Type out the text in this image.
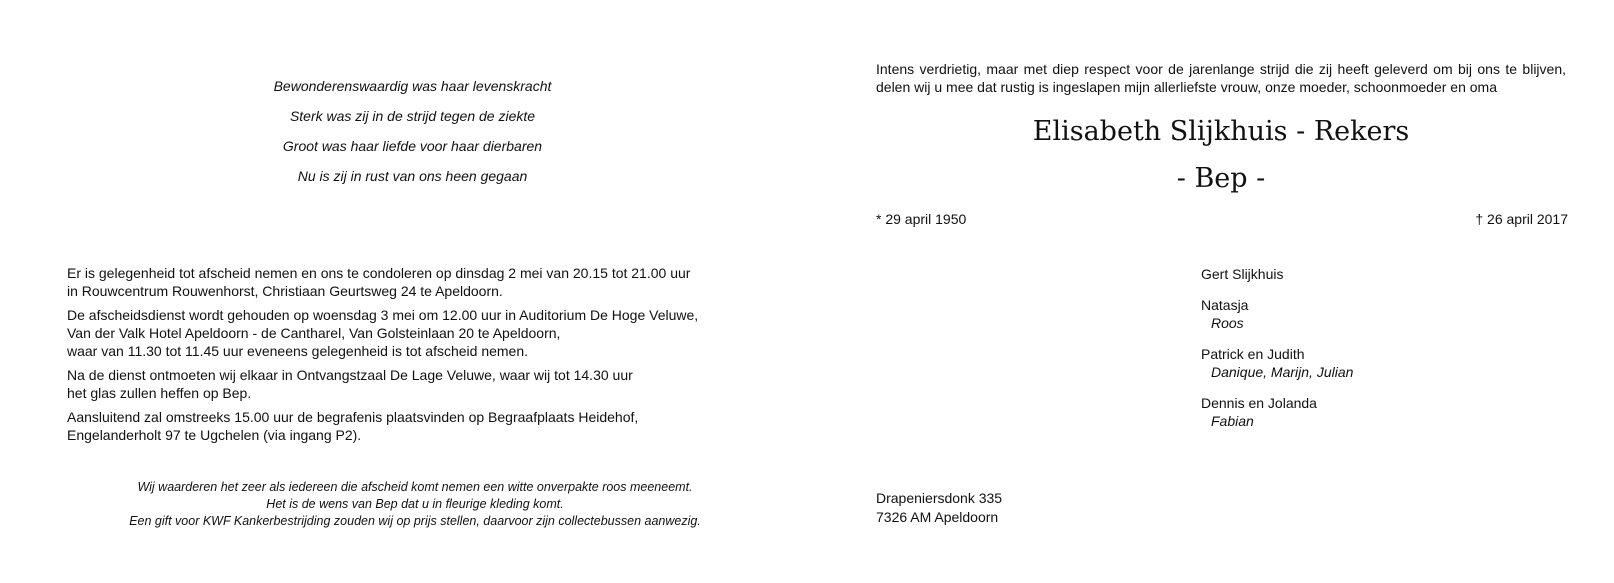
Bewonderenswaardig was haar levenskracht
Sterk was zij in de strijd tegen de ziekte
Groot was haar liefde voor haar dierbaren
Nu is zij in rust van ons heen gegaan
Er is gelegenheid tot afscheid nemen en ons te condoleren op dinsdag 2 mei van 20.15 tot 21.00 uur
in Rouwcentrum Rouwenhorst, Christiaan Geurtsweg 24 te Apeldoorn.
De afscheidsdienst wordt gehouden op woensdag 3 mei om 12.00 uur in Auditorium De Hoge Veluwe,
Van der Valk Hotel Apeldoorn - de Cantharel, Van Golsteinlaan 20 te Apeldoorn,
waar van 11.30 tot 11.45 uur eveneens gelegenheid is tot afscheid nemen.
Na de dienst ontmoeten wij elkaar in Ontvangstzaal De Lage Veluwe, waar wij tot 14.30 uur
het glas zullen heffen op Bep.
Aansluitend zal omstreeks 15.00 uur de begrafenis plaatsvinden op Begraafplaats Heidehof,
Engelanderholt 97 te Ugchelen (via ingang P2).
Wij waarderen het zeer als iedereen die afscheid komt nemen een witte onverpakte roos meeneemt.
Het is de wens van Bep dat u in fleurige kleding komt.
Een gift voor KWF Kankerbestrijding zouden wij op prijs stellen, daarvoor zijn collectebussen aanwezig.
Intens verdrietig, maar met diep respect voor de jarenlange strijd die zij heeft geleverd om bij ons te blijven, delen wij u mee dat rustig is ingeslapen mijn allerliefste vrouw, onze moeder, schoonmoeder en oma
Elisabeth Slijkhuis - Rekers
- Bep -
* 29 april 1950	† 26 april 2017
Gert Slijkhuis
Natasja
Roos
Patrick en Judith
Danique, Marijn, Julian
Dennis en Jolanda
Fabian
Drapeniersdonk 335
7326 AM Apeldoorn
